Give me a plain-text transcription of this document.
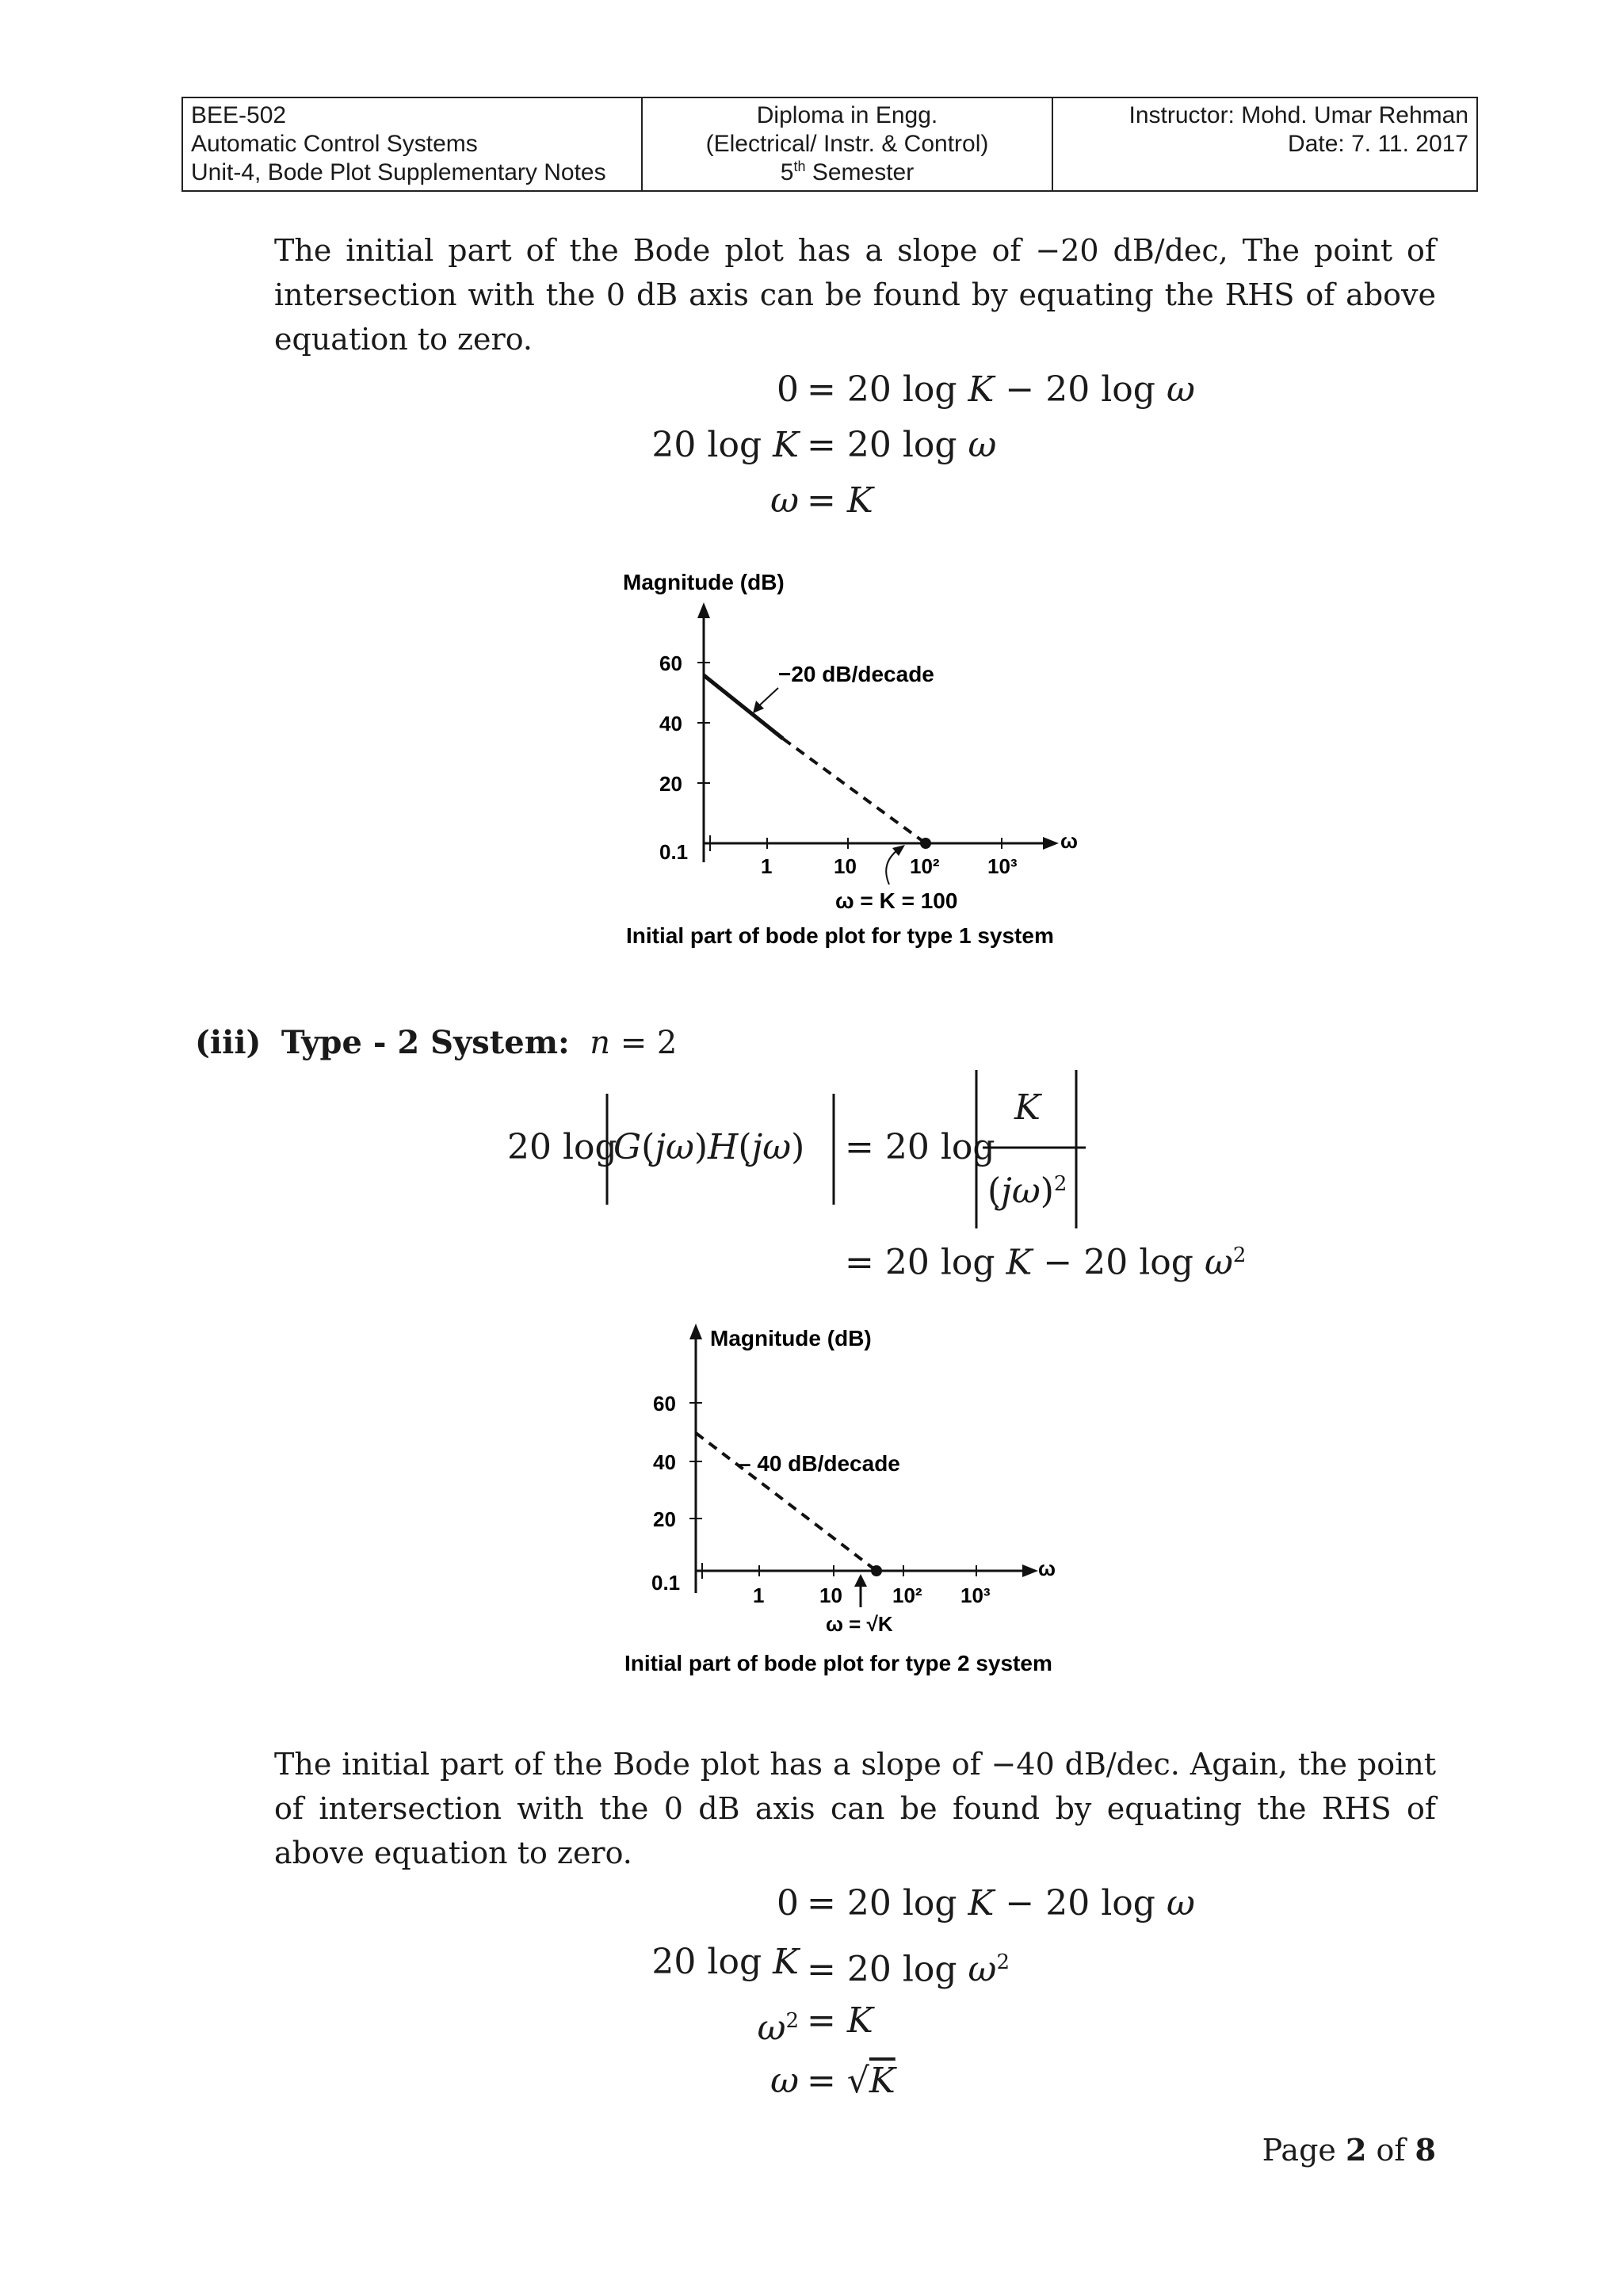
BEE-502
Automatic Control Systems
Unit-4, Bode Plot Supplementary Notes
Diploma in Engg.
(Electrical/ Instr. & Control)
5th Semester
Instructor: Mohd. Umar Rehman
Date: 7. 11. 2017
The initial part of the Bode plot has a slope of −20 dB/dec, The point of intersection with the 0 dB axis can be found by equating the RHS of above equation to zero.
0 = 20 log K − 20 log ω
20 log K = 20 log ω
ω = K
Magnitude (dB)
60
40
20
0.1
1	10	10² 10³
ω
−20 dB/decade
ω = K = 100
Initial part of bode plot for type 1 system
(iii) Type - 2 System: n = 2
20 log
G(jω)H(jω) = 20 log
K
$(j\omega)^2$
= 20 log K − 20 $\log \omega^2$
Magnitude (dB)
60
40
20
0.1
1	10 10² 10³
ω
– 40 dB/decade
ω = √K
Initial part of bode plot for type 2 system
The initial part of the Bode plot has a slope of −40 dB/dec. Again, the point of intersection with the 0 dB axis can be found by equating the RHS of above equation to zero.
0 = 20 log K − 20 log ω
20 log K = 20 $\log \omega^2$
$\omega^2 = K$
ω = √K
Page 2 of 8
